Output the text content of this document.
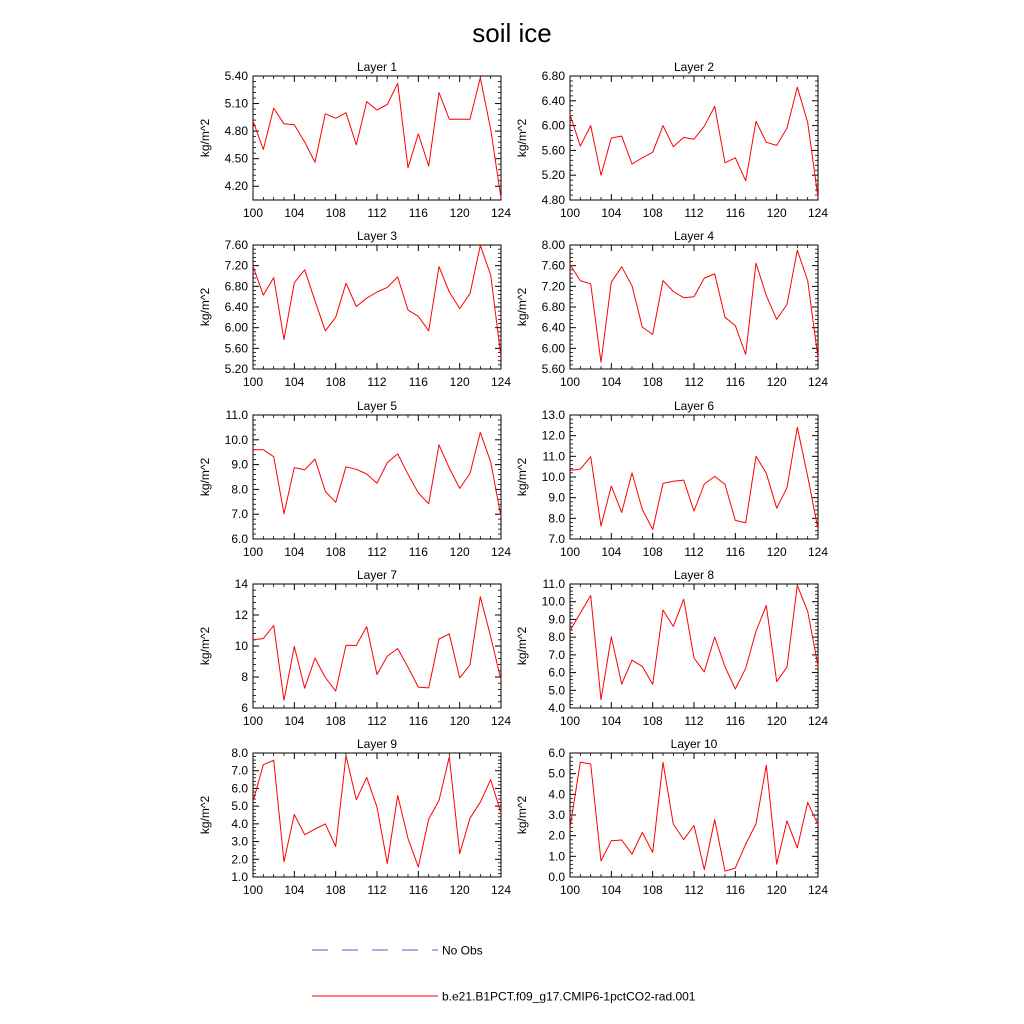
soil ice
Layer 1
100 104 108 112 116 120 124
4.20
4.50
4.80
5.10
5.40
kg/m^2
Layer 2
100 104 108 112 116 120 124
4.80
5.20
5.60
6.00
6.40
6.80
kg/m^2
Layer 3
100 104 108 112 116 120 124
5.20
5.60
6.00
6.40
6.80
7.20
7.60
kg/m^2
Layer 4
100 104 108 112 116 120 124
5.60
6.00
6.40
6.80
7.20
7.60
8.00
kg/m^2
Layer 5
100 104 108 112 116 120 124
6.0
7.0
8.0
9.0
10.0
11.0
kg/m^2
Layer 6
100 104 108 112 116 120 124
7.0
8.0
9.0
10.0
11.0
12.0
13.0
kg/m^2
Layer 7
100 104 108 112 116 120 124
6
8
10
12
14
kg/m^2
Layer 8
100 104 108 112 116 120 124
4.0
5.0
6.0
7.0
8.0
9.0
10.0
11.0
kg/m^2
Layer 9
100 104 108 112 116 120 124
1.0
2.0
3.0
4.0
5.0
6.0
7.0
8.0
kg/m^2
Layer 10
100 104 108 112 116 120 124
0.0
1.0
2.0
3.0
4.0
5.0
6.0
kg/m^2
No Obs
b.e21.B1PCT.f09_g17.CMIP6-1pctCO2-rad.001
